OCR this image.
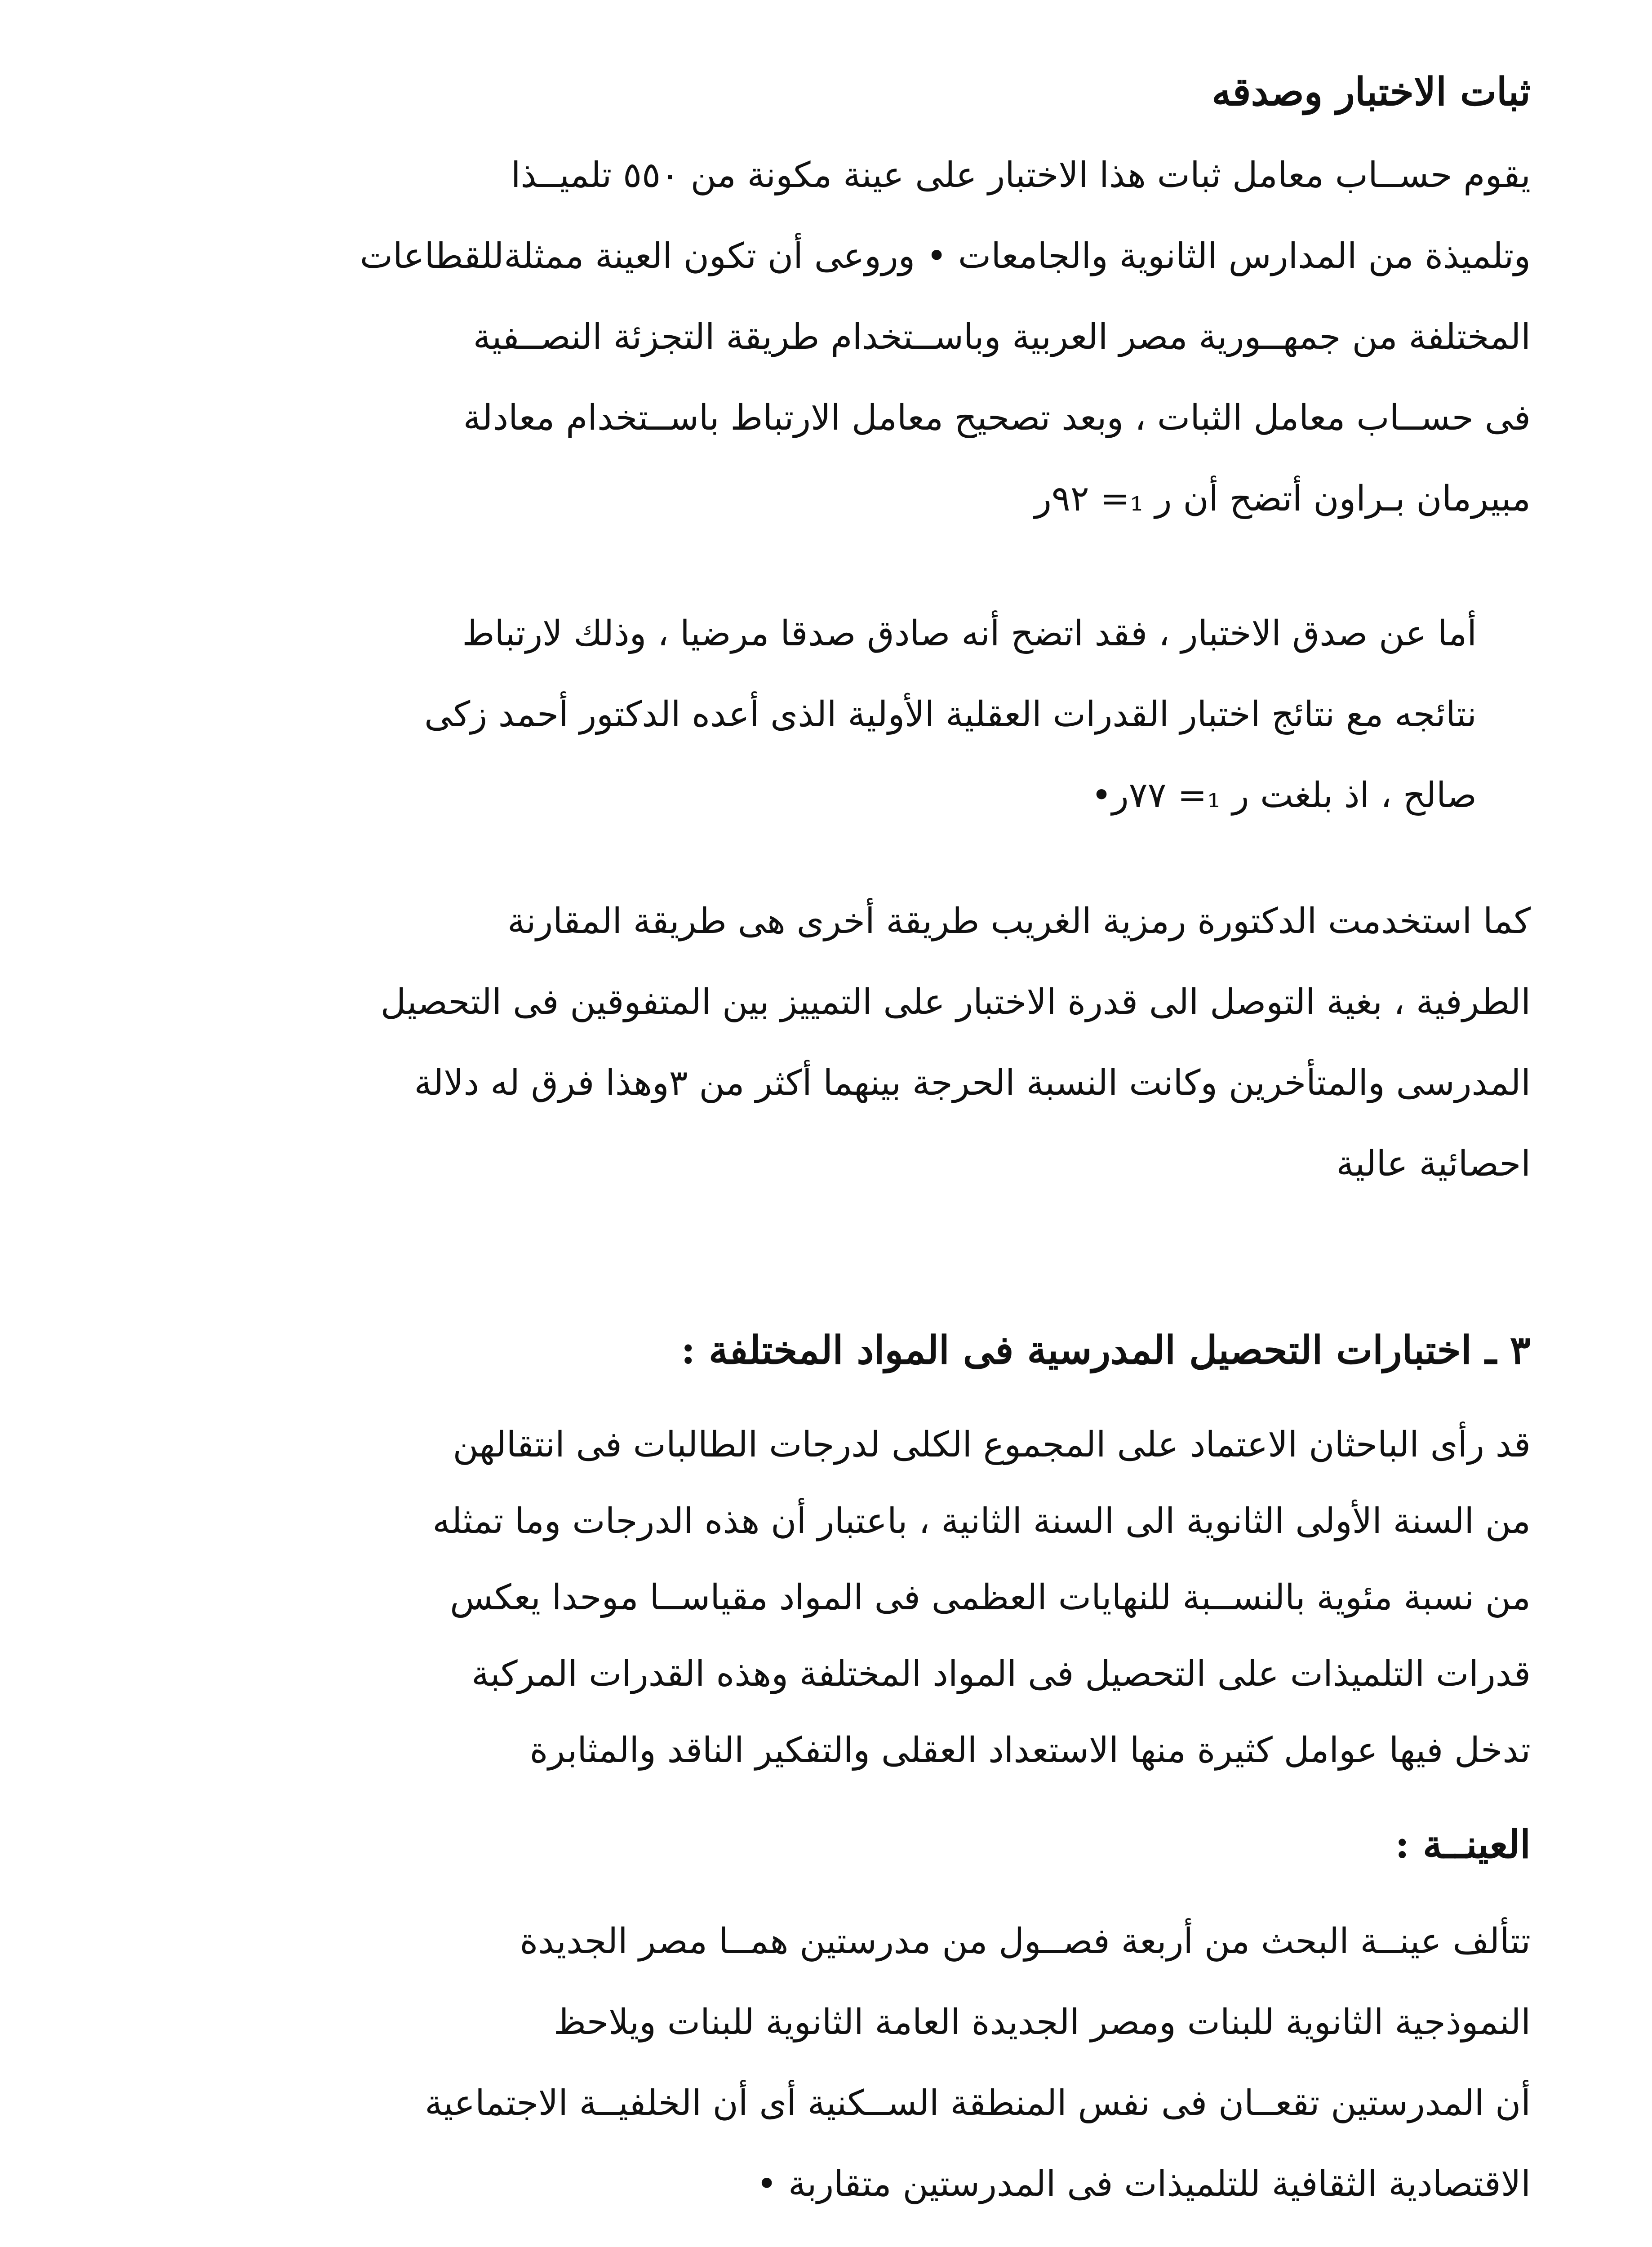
ثبات الاختبار وصدقه
يقوم حســاب معامل ثبات هذا الاختبار على عينة مكونة من ٥٥٠ تلميــذا
وتلميذة من المدارس الثانوية والجامعات • وروعى أن تكون العينة ممثلةللقطاعات
المختلفة من جمهــورية مصر العربية وباســتخدام طريقة التجزئة النصــفية
فى حســاب معامل الثبات ، وبعد تصحيح معامل الارتباط باســتخدام معادلة
مبيرمان بـراون أتضح أن ر ₁= ٩٢ر
أما عن صدق الاختبار ، فقد اتضح أنه صادق صدقا مرضيا ، وذلك لارتباط
نتائجه مع نتائج اختبار القدرات العقلية الأولية الذى أعده الدكتور أحمد زكى
صالح ، اذ بلغت ر ₁= ٧٧ر•
كما استخدمت الدكتورة رمزية الغريب طريقة أخرى هى طريقة المقارنة
الطرفية ، بغية التوصل الى قدرة الاختبار على التمييز بين المتفوقين فى التحصيل
المدرسى والمتأخرين وكانت النسبة الحرجة بينهما أكثر من ٣وهذا فرق له دلالة
احصائية عالية
٣ ـ اختبارات التحصيل المدرسية فى المواد المختلفة :
قد رأى الباحثان الاعتماد على المجموع الكلى لدرجات الطالبات فى انتقالهن
من السنة الأولى الثانوية الى السنة الثانية ، باعتبار أن هذه الدرجات وما تمثله
من نسبة مئوية بالنســبة للنهايات العظمى فى المواد مقياســا موحدا يعكس
قدرات التلميذات على التحصيل فى المواد المختلفة وهذه القدرات المركبة
تدخل فيها عوامل كثيرة منها الاستعداد العقلى والتفكير الناقد والمثابرة
العينــة :
تتألف عينــة البحث من أربعة فصــول من مدرستين همــا مصر الجديدة
النموذجية الثانوية للبنات ومصر الجديدة العامة الثانوية للبنات ويلاحظ
أن المدرستين تقعــان فى نفس المنطقة الســكنية أى أن الخلفيــة الاجتماعية
الاقتصادية الثقافية للتلميذات فى المدرستين متقاربة •
